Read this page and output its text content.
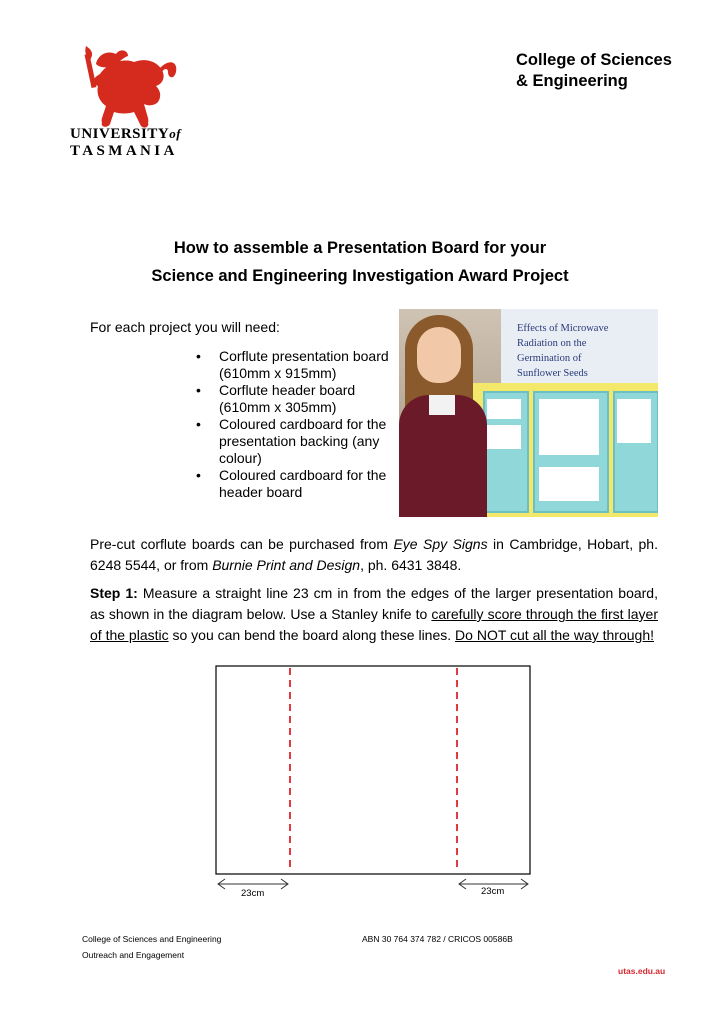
UNIVERSITYof
TASMANIA
College of Sciences
& Engineering
How to assemble a Presentation Board for your
Science and Engineering Investigation Award Project
For each project you will need:
• Corflute presentation board (610mm x 915mm)
• Corflute header board (610mm x 305mm)
• Coloured cardboard for the presentation backing (any colour)
• Coloured cardboard for the header board
Effects of Microwave
Radiation on the
Germination of
Sunflower Seeds
Pre-cut corflute boards can be purchased from Eye Spy Signs in Cambridge, Hobart, ph. 6248 5544, or from Burnie Print and Design, ph. 6431 3848.
Step 1: Measure a straight line 23 cm in from the edges of the larger presentation board, as shown in the diagram below. Use a Stanley knife to carefully score through the first layer of the plastic so you can bend the board along these lines. Do NOT cut all the way through!
23cm	23cm
College of Sciences and Engineering
Outreach and Engagement
ABN 30 764 374 782 / CRICOS 00586B
utas.edu.au
